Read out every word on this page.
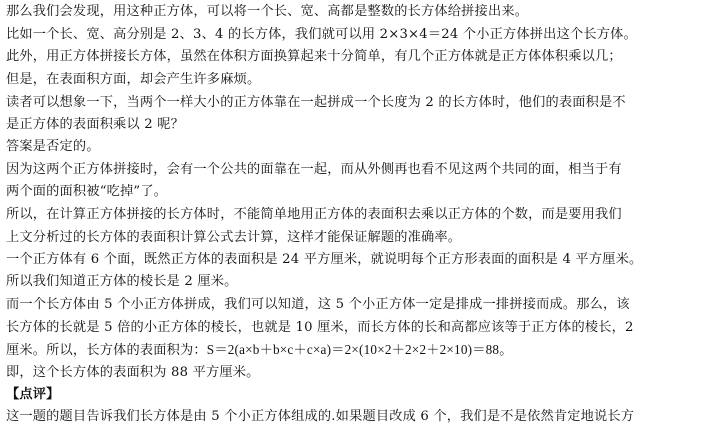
那么我们会发现，用这种正方体，可以将一个长、宽、高都是整数的长方体给拼接出来。
比如一个长、宽、高分别是 2、3、4 的长方体，我们就可以用 2×3×4＝24 个小正方体拼出这个长方体。
此外，用正方体拼接长方体，虽然在体积方面换算起来十分简单，有几个正方体就是正方体体积乘以几；
但是，在表面积方面，却会产生许多麻烦。
读者可以想象一下，当两个一样大小的正方体靠在一起拼成一个长度为 2 的长方体时，他们的表面积是不
是正方体的表面积乘以 2 呢？
答案是否定的。
因为这两个正方体拼接时，会有一个公共的面靠在一起，而从外侧再也看不见这两个共同的面，相当于有
两个面的面积被“吃掉”了。
所以，在计算正方体拼接的长方体时，不能简单地用正方体的表面积去乘以正方体的个数，而是要用我们
上文分析过的长方体的表面积计算公式去计算，这样才能保证解题的准确率。
一个正方体有 6 个面，既然正方体的表面积是 24 平方厘米，就说明每个正方形表面的面积是 4 平方厘米。
所以我们知道正方体的棱长是 2 厘米。
而一个长方体由 5 个小正方体拼成，我们可以知道，这 5 个小正方体一定是排成一排拼接而成。那么，该
长方体的长就是 5 倍的小正方体的棱长，也就是 10 厘米，而长方体的长和高都应该等于正方体的棱长，2
厘米。所以，长方体的表面积为：S＝2(a×b＋b×c＋c×a)＝2×(10×2＋2×2＋2×10)＝88。
即，这个长方体的表面积为 88 平方厘米。
【点评】
这一题的题目告诉我们长方体是由 5 个小正方体组成的.如果题目改成 6 个，我们是不是依然肯定地说长方
